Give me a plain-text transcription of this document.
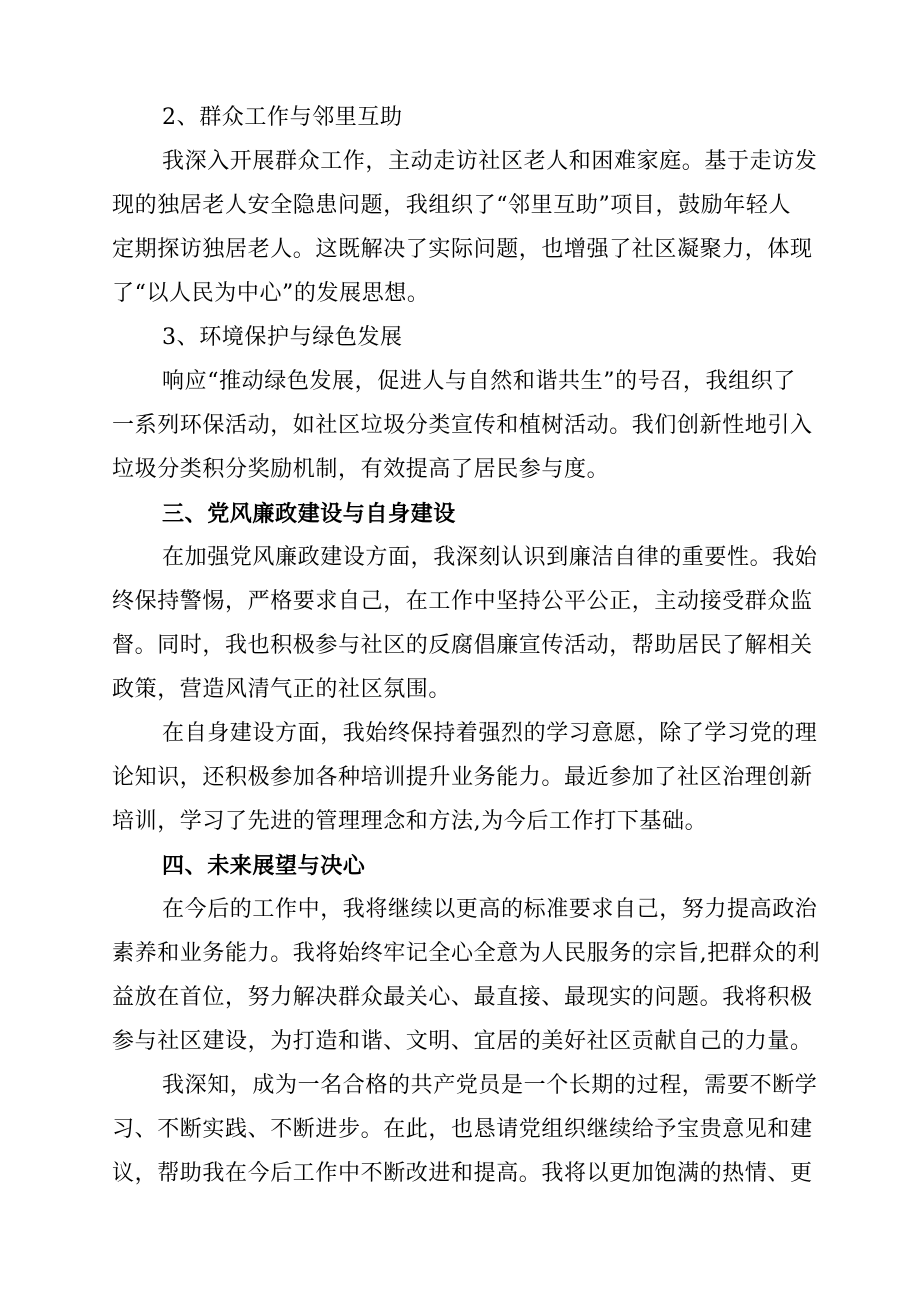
2、群众工作与邻里互助
我深入开展群众工作，主动走访社区老人和困难家庭。基于走访发
现的独居老人安全隐患问题，我组织了“邻里互助”项目，鼓励年轻人
定期探访独居老人。这既解决了实际问题，也增强了社区凝聚力，体现
了“以人民为中心”的发展思想。
3、环境保护与绿色发展
响应“推动绿色发展，促进人与自然和谐共生”的号召，我组织了
一系列环保活动，如社区垃圾分类宣传和植树活动。我们创新性地引入
垃圾分类积分奖励机制，有效提高了居民参与度。
三、党风廉政建设与自身建设
在加强党风廉政建设方面，我深刻认识到廉洁自律的重要性。我始
终保持警惕，严格要求自己，在工作中坚持公平公正，主动接受群众监
督。同时，我也积极参与社区的反腐倡廉宣传活动，帮助居民了解相关
政策，营造风清气正的社区氛围。
在自身建设方面，我始终保持着强烈的学习意愿，除了学习党的理
论知识，还积极参加各种培训提升业务能力。最近参加了社区治理创新
培训，学习了先进的管理理念和方法,为今后工作打下基础。
四、未来展望与决心
在今后的工作中，我将继续以更高的标准要求自己，努力提高政治
素养和业务能力。我将始终牢记全心全意为人民服务的宗旨,把群众的利
益放在首位，努力解决群众最关心、最直接、最现实的问题。我将积极
参与社区建设，为打造和谐、文明、宜居的美好社区贡献自己的力量。
我深知，成为一名合格的共产党员是一个长期的过程，需要不断学
习、不断实践、不断进步。在此，也恳请党组织继续给予宝贵意见和建
议，帮助我在今后工作中不断改进和提高。我将以更加饱满的热情、更
